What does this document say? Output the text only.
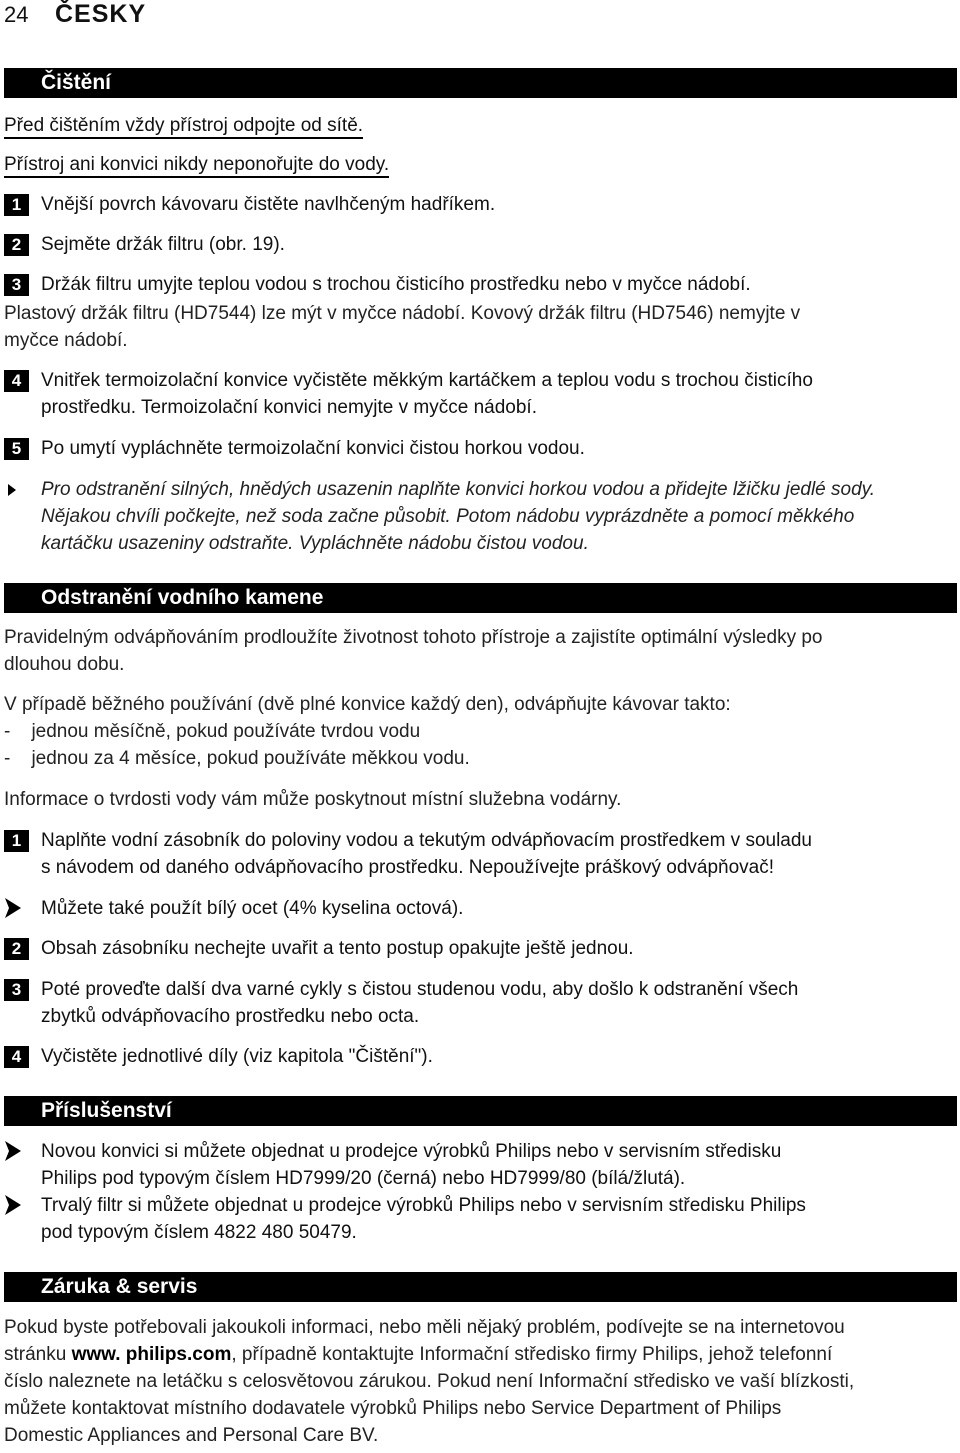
24 ČESKY
Čištění
Před čištěním vždy přístroj odpojte od sítě.
Přístroj ani konvici nikdy neponořujte do vody.
1	Vnější povrch kávovaru čistěte navlhčeným hadříkem.
2	Sejměte držák filtru (obr. 19).
3	Držák filtru umyjte teplou vodou s trochou čisticího prostředku nebo v myčce nádobí.
Plastový držák filtru (HD7544) lze mýt v myčce nádobí. Kovový držák filtru (HD7546) nemyjte v
myčce nádobí.
4	Vnitřek termoizolační konvice vyčistěte měkkým kartáčkem a teplou vodu s trochou čisticího
prostředku. Termoizolační konvici nemyjte v myčce nádobí.
5	Po umytí vypláchněte termoizolační konvici čistou horkou vodou.
Pro odstranění silných, hnědých usazenin naplňte konvici horkou vodou a přidejte lžičku jedlé sody.
Nějakou chvíli počkejte, než soda začne působit. Potom nádobu vyprázdněte a pomocí měkkého
kartáčku usazeniny odstraňte. Vypláchněte nádobu čistou vodou.
Odstranění vodního kamene
Pravidelným odvápňováním prodloužíte životnost tohoto přístroje a zajistíte optimální výsledky po
dlouhou dobu.
V případě běžného používání (dvě plné konvice každý den), odvápňujte kávovar takto:
-    jednou měsíčně, pokud používáte tvrdou vodu
-    jednou za 4 měsíce, pokud používáte měkkou vodu.
Informace o tvrdosti vody vám může poskytnout místní služebna vodárny.
1	Naplňte vodní zásobník do poloviny vodou a tekutým odvápňovacím prostředkem v souladu
s návodem od daného odvápňovacího prostředku. Nepoužívejte práškový odvápňovač!
Můžete také použít bílý ocet (4% kyselina octová).
2	Obsah zásobníku nechejte uvařit a tento postup opakujte ještě jednou.
3	Poté proveďte další dva varné cykly s čistou studenou vodu, aby došlo k odstranění všech
zbytků odvápňovacího prostředku nebo octa.
4	Vyčistěte jednotlivé díly (viz kapitola "Čištění").
Příslušenství
Novou konvici si můžete objednat u prodejce výrobků Philips nebo v servisním středisku
Philips pod typovým číslem HD7999/20 (černá) nebo HD7999/80 (bílá/žlutá).
Trvalý filtr si můžete objednat u prodejce výrobků Philips nebo v servisním středisku Philips
pod typovým číslem 4822 480 50479.
Záruka & servis
Pokud byste potřebovali jakoukoli informaci, nebo měli nějaký problém, podívejte se na internetovou
stránku www. philips.com, případně kontaktujte Informační středisko firmy Philips, jehož telefonní
číslo naleznete na letáčku s celosvětovou zárukou. Pokud není Informační středisko ve vaší blízkosti,
můžete kontaktovat místního dodavatele výrobků Philips nebo Service Department of Philips
Domestic Appliances and Personal Care BV.
